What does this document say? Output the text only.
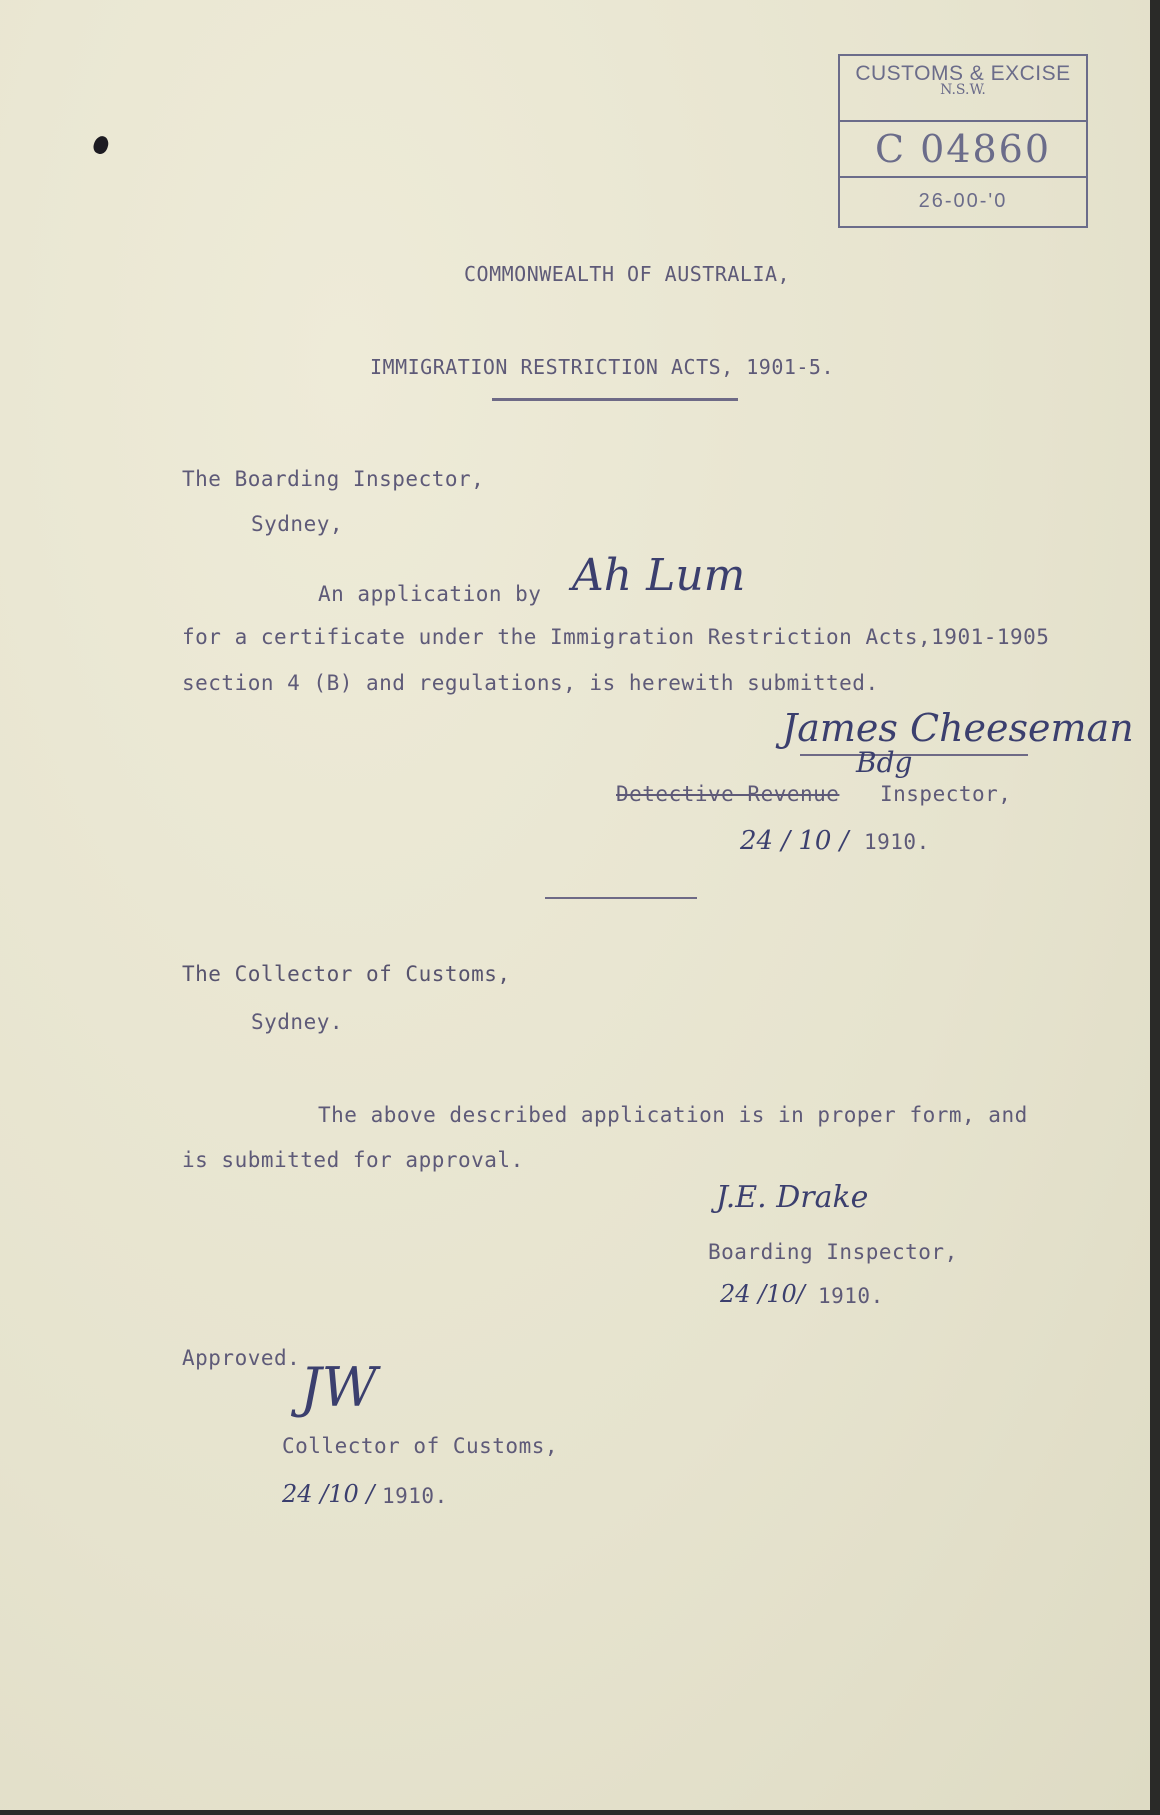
CUSTOMS & EXCISE
N.S.W.
C 04860
26-00-'0
COMMONWEALTH OF AUSTRALIA,
IMMIGRATION RESTRICTION ACTS, 1901-5.
The Boarding Inspector,
Sydney,
An application by Ah Lum
for a certificate under the Immigration Restriction Acts,1901-1905
section 4 (B) and regulations, is herewith submitted.
James Cheeseman
Bdg
Detective Revenue Inspector,
24 / 10 / 1910.
The Collector of Customs,
Sydney.
The above described application is in proper form, and
is submitted for approval.
J.E. Drake
Boarding Inspector,
24 /10/ 1910.
Approved. JW
Collector of Customs,
24 /10 / 1910.
